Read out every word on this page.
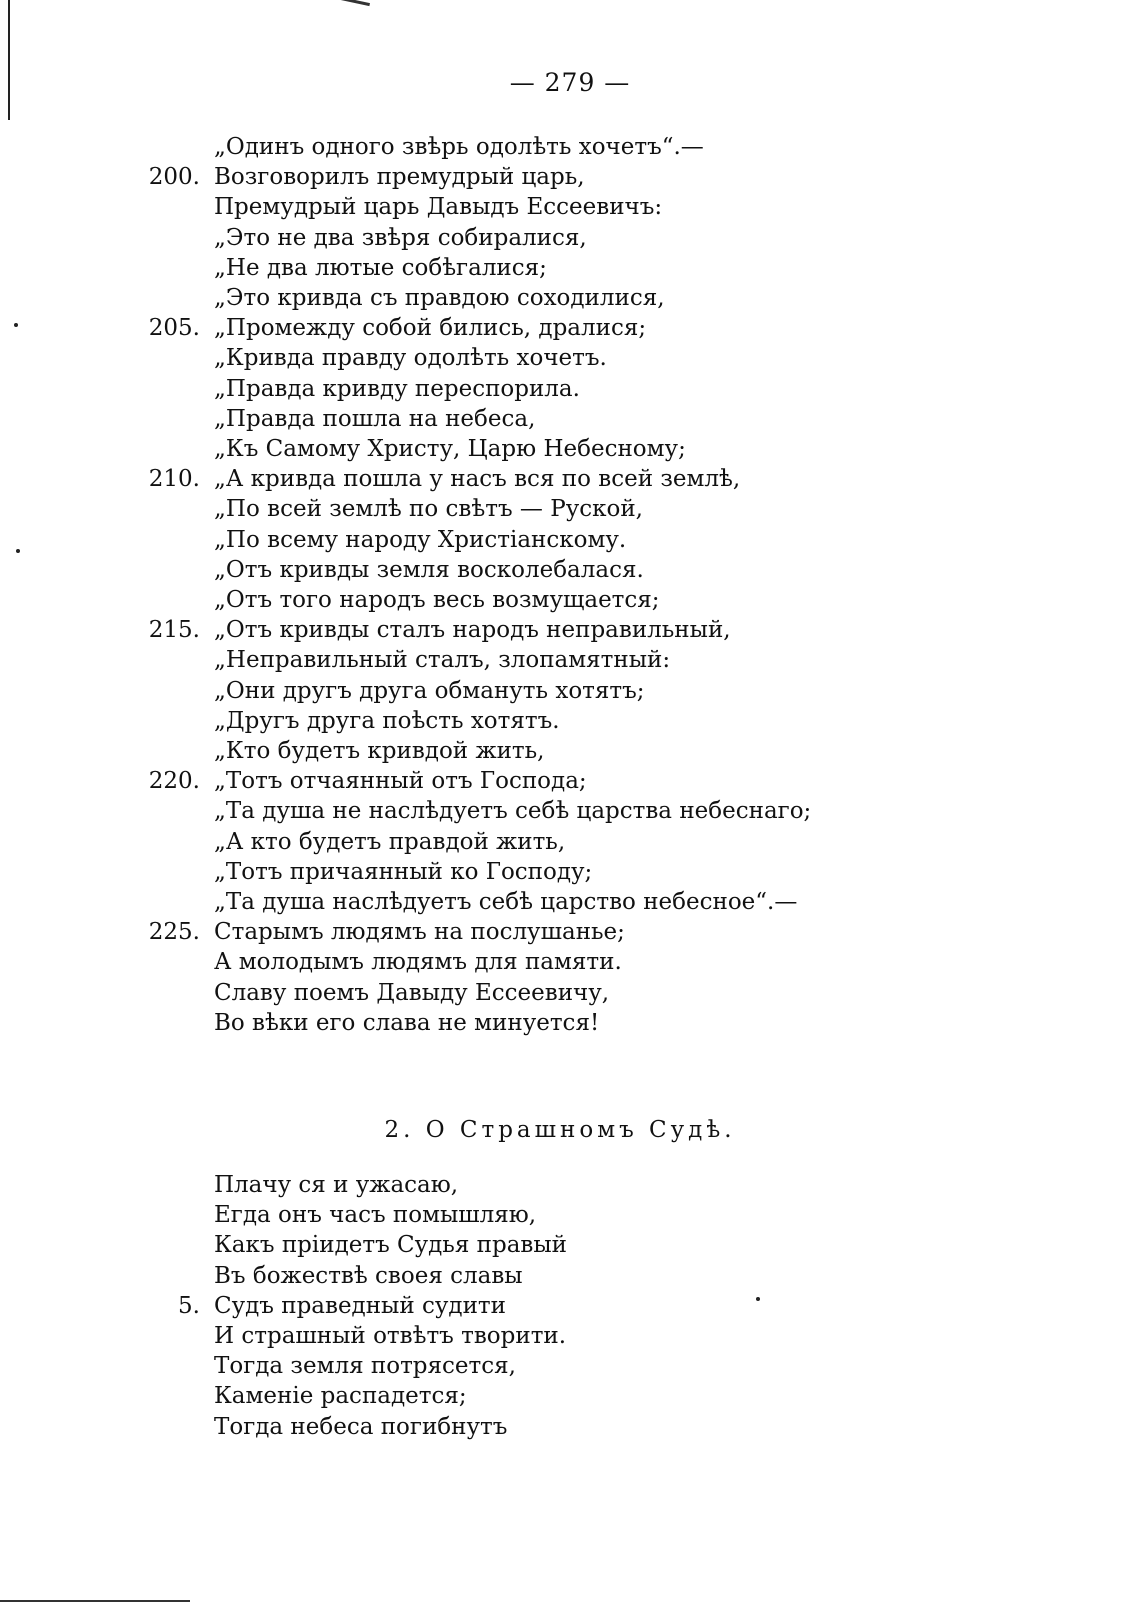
— 279 —
„Одинъ одного звѣрь одолѣть хочетъ“.—
200. Возговорилъ премудрый царь,
Премудрый царь Давыдъ Ессеевичъ:
„Это не два звѣря собиралися,
„Не два лютые собѣгалися;
„Это кривда съ правдою соходилися,
205. „Промежду собой бились, дралися;
„Кривда правду одолѣть хочетъ.
„Правда кривду переспорила.
„Правда пошла на небеса,
„Къ Самому Христу, Царю Небесному;
210. „А кривда пошла у насъ вся по всей землѣ,
„По всей землѣ по свѣтъ — Руской,
„По всему народу Христіанскому.
„Отъ кривды земля восколебалася.
„Отъ того народъ весь возмущается;
215. „Отъ кривды сталъ народъ неправильный,
„Неправильный сталъ, злопамятный:
„Они другъ друга обмануть хотятъ;
„Другъ друга поѣсть хотятъ.
„Кто будетъ кривдой жить,
220. „Тотъ отчаянный отъ Господа;
„Та душа не наслѣдуетъ себѣ царства небеснаго;
„А кто будетъ правдой жить,
„Тотъ причаянный ко Господу;
„Та душа наслѣдуетъ себѣ царство небесное“.—
225. Старымъ людямъ на послушанье;
А молодымъ людямъ для памяти.
Славу поемъ Давыду Ессеевичу,
Во вѣки его слава не минуется!
2. О Страшномъ Судѣ.
Плачу ся и ужасаю,
Егда онъ часъ помышляю,
Какъ пріидетъ Судья правый
Въ божествѣ своея славы
5. Судъ праведный судити
И страшный отвѣтъ творити.
Тогда земля потрясется,
Каменіе распадется;
Тогда небеса погибнутъ
